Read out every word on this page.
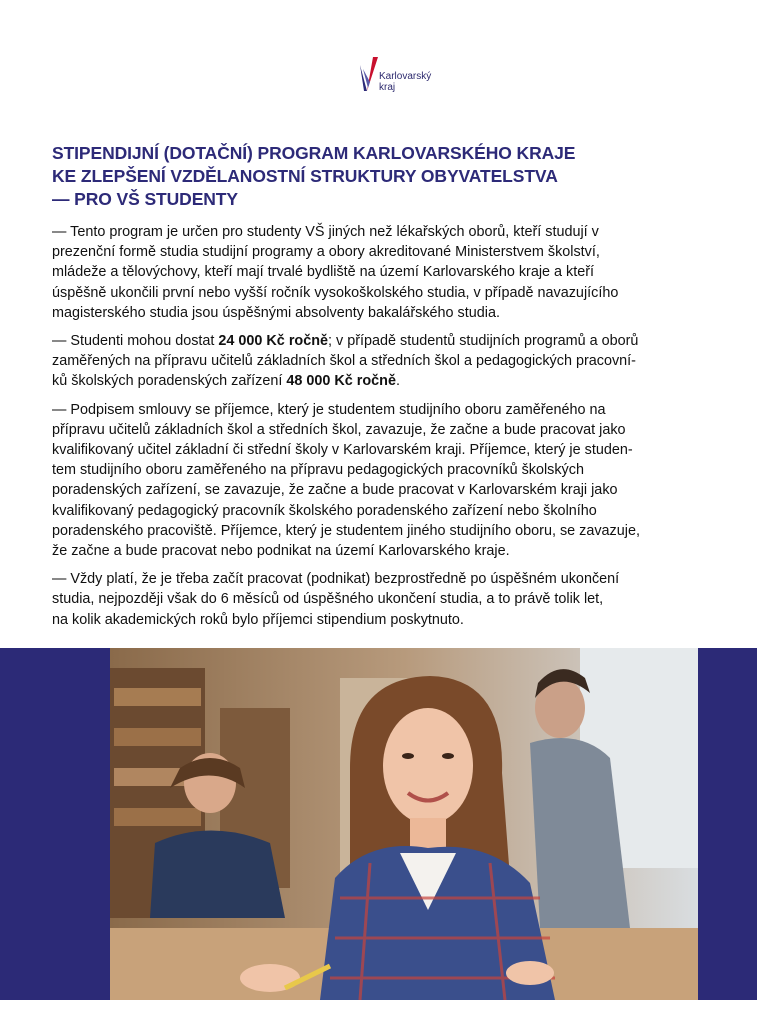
Karlovarský
kraj
STIPENDIJNÍ (DOTAČNÍ) PROGRAM KARLOVARSKÉHO KRAJE
KE ZLEPŠENÍ VZDĚLANOSTNÍ STRUKTURY OBYVATELSTVA
— PRO VŠ STUDENTY

— Tento program je určen pro studenty VŠ jiných než lékařských oborů, kteří studují v
prezenční formě studia studijní programy a obory akreditované Ministerstvem školství,
mládeže a tělovýchovy, kteří mají trvalé bydliště na území Karlovarského kraje a kteří
úspěšně ukončili první nebo vyšší ročník vysokoškolského studia, v případě navazujícího
magisterského studia jsou úspěšnými absolventy bakalářského studia.

— Studenti mohou dostat 24 000 Kč ročně; v případě studentů studijních programů a oborů
zaměřených na přípravu učitelů základních škol a středních škol a pedagogických pracovní-
ků školských poradenských zařízení 48 000 Kč ročně.

— Podpisem smlouvy se příjemce, který je studentem studijního oboru zaměřeného na
přípravu učitelů základních škol a středních škol, zavazuje, že začne a bude pracovat jako
kvalifikovaný učitel základní či střední školy v Karlovarském kraji. Příjemce, který je studen-
tem studijního oboru zaměřeného na přípravu pedagogických pracovníků školských
poradenských zařízení, se zavazuje, že začne a bude pracovat v Karlovarském kraji jako
kvalifikovaný pedagogický pracovník školského poradenského zařízení nebo školního
poradenského pracoviště. Příjemce, který je studentem jiného studijního oboru, se zavazuje,
že začne a bude pracovat nebo podnikat na území Karlovarského kraje.

— Vždy platí, že je třeba začít pracovat (podnikat) bezprostředně po úspěšném ukončení
studia, nejpozději však do 6 měsíců od úspěšného ukončení studia, a to právě tolik let,
na kolik akademických roků bylo příjemci stipendium poskytnuto.
